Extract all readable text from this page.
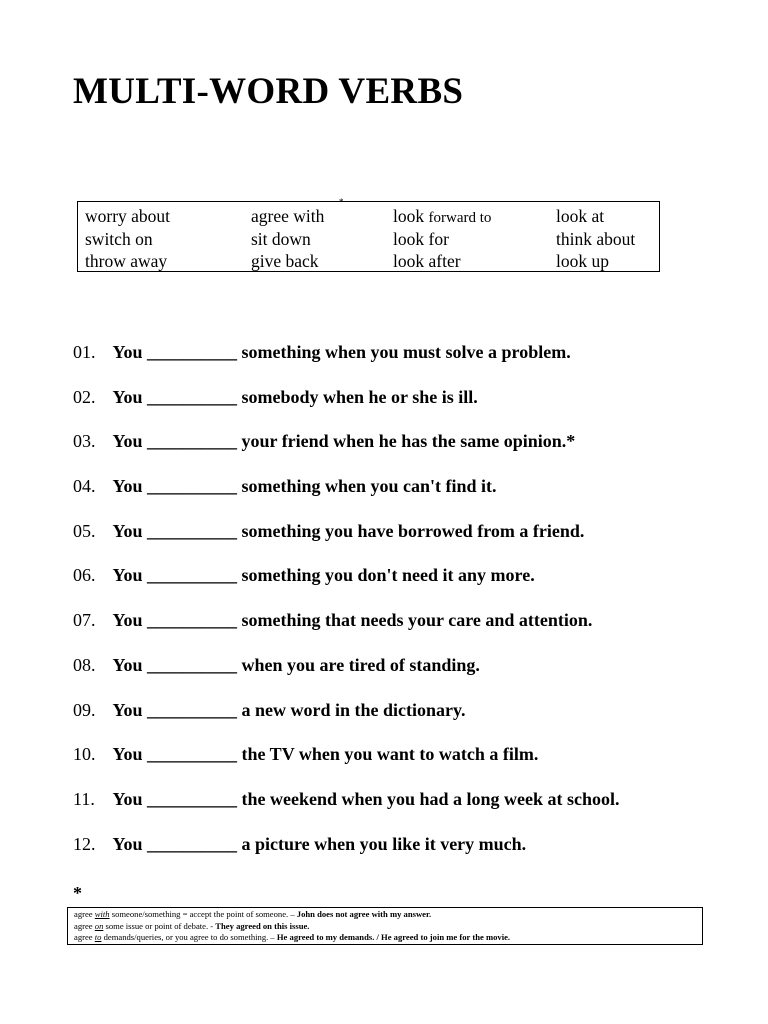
MULTI-WORD VERBS
*
worry about	agree with	look forward to	look at
switch on	sit down	look for	think about
throw away	give back	look after	look up
01. You __________ something when you must solve a problem.
02. You __________ somebody when he or she is ill.
03. You __________ your friend when he has the same opinion.*
04. You __________ something when you can't find it.
05. You __________ something you have borrowed from a friend.
06. You __________ something you don't need it any more.
07. You __________ something that needs your care and attention.
08. You __________ when you are tired of standing.
09. You __________ a new word in the dictionary.
10. You __________ the TV when you want to watch a film.
11. You __________ the weekend when you had a long week at school.
12. You __________ a picture when you like it very much.
*
agree with someone/something = accept the point of someone. – John does not agree with my answer.
agree on some issue or point of debate. - They agreed on this issue.
agree to demands/queries, or you agree to do something. – He agreed to my demands. / He agreed to join me for the movie.
